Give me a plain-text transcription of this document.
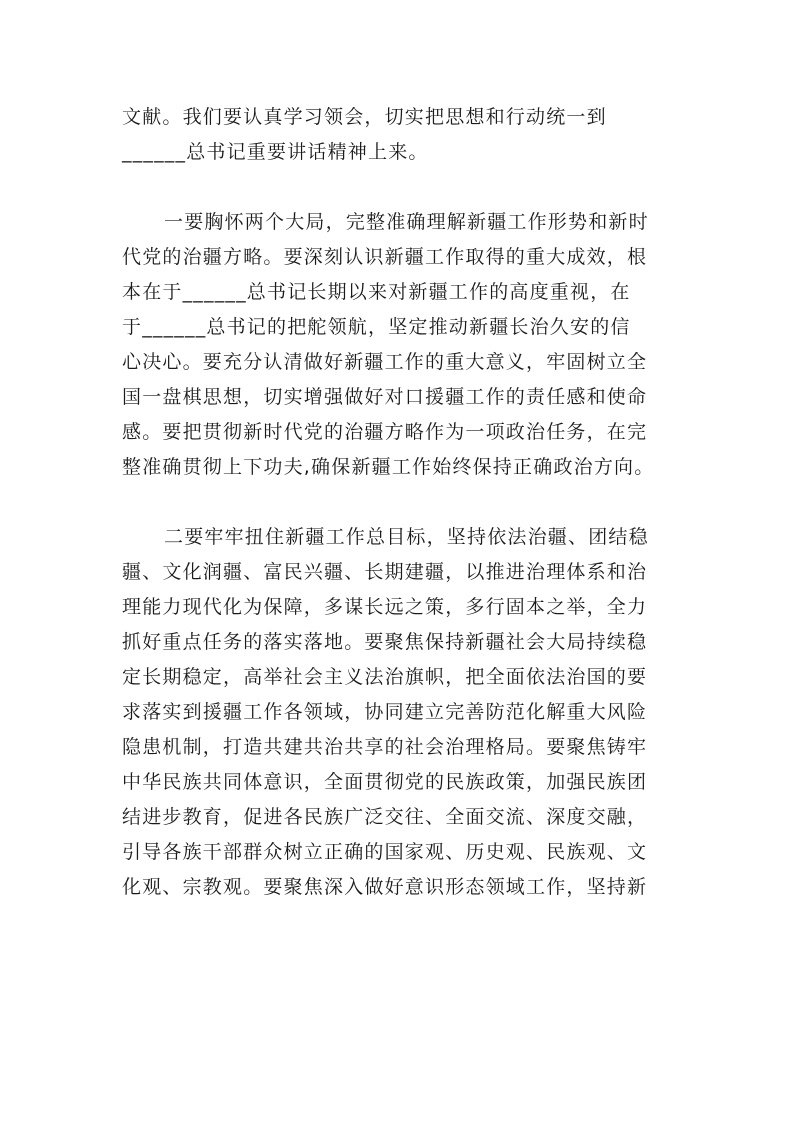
文献。我们要认真学习领会，切实把思想和行动统一到
______总书记重要讲话精神上来。

一要胸怀两个大局，完整准确理解新疆工作形势和新时
代党的治疆方略。要深刻认识新疆工作取得的重大成效，根
本在于______总书记长期以来对新疆工作的高度重视，在
于______总书记的把舵领航，坚定推动新疆长治久安的信
心决心。要充分认清做好新疆工作的重大意义，牢固树立全
国一盘棋思想，切实增强做好对口援疆工作的责任感和使命
感。要把贯彻新时代党的治疆方略作为一项政治任务，在完
整准确贯彻上下功夫,确保新疆工作始终保持正确政治方向。

二要牢牢扭住新疆工作总目标，坚持依法治疆、团结稳
疆、文化润疆、富民兴疆、长期建疆，以推进治理体系和治
理能力现代化为保障，多谋长远之策，多行固本之举，全力
抓好重点任务的落实落地。要聚焦保持新疆社会大局持续稳
定长期稳定，高举社会主义法治旗帜，把全面依法治国的要
求落实到援疆工作各领域，协同建立完善防范化解重大风险
隐患机制，打造共建共治共享的社会治理格局。要聚焦铸牢
中华民族共同体意识，全面贯彻党的民族政策，加强民族团
结进步教育，促进各民族广泛交往、全面交流、深度交融，
引导各族干部群众树立正确的国家观、历史观、民族观、文
化观、宗教观。要聚焦深入做好意识形态领域工作，坚持新
